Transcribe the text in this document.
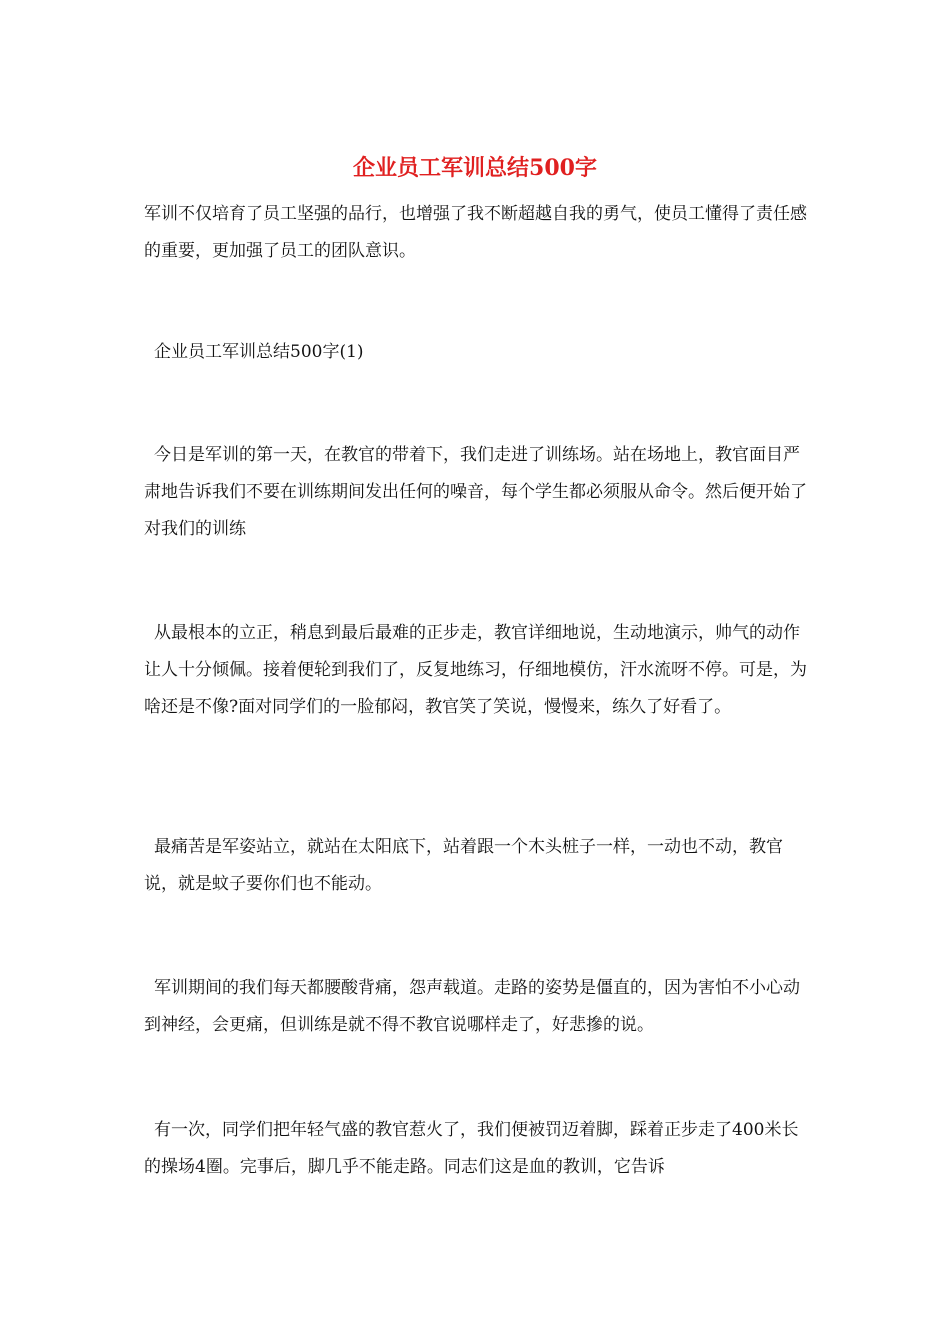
企业员工军训总结500字

军训不仅培育了员工坚强的品行，也增强了我不断超越自我的勇气，使员工懂得了责任感的重要，更加强了员工的团队意识。

企业员工军训总结500字(1)

今日是军训的第一天，在教官的带着下，我们走进了训练场。站在场地上，教官面目严肃地告诉我们不要在训练期间发出任何的噪音，每个学生都必须服从命令。然后便开始了对我们的训练

从最根本的立正，稍息到最后最难的正步走，教官详细地说，生动地演示，帅气的动作让人十分倾佩。接着便轮到我们了，反复地练习，仔细地模仿，汗水流呀不停。可是，为啥还是不像?面对同学们的一脸郁闷，教官笑了笑说，慢慢来，练久了好看了。

最痛苦是军姿站立，就站在太阳底下，站着跟一个木头桩子一样，一动也不动，教官说，就是蚊子要你们也不能动。

军训期间的我们每天都腰酸背痛，怨声载道。走路的姿势是僵直的，因为害怕不小心动到神经，会更痛，但训练是就不得不教官说哪样走了，好悲摻的说。

有一次，同学们把年轻气盛的教官惹火了，我们便被罚迈着脚，踩着正步走了400米长的操场4圈。完事后，脚几乎不能走路。同志们这是血的教训，它告诉
